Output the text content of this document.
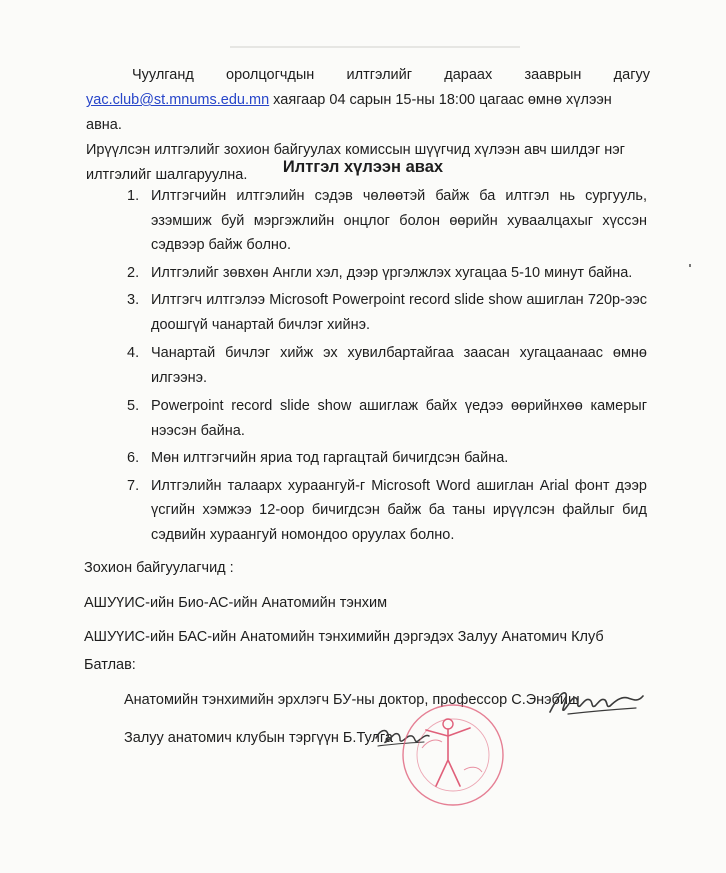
Чуулганд оролцогчдын илтгэлийг дараах зааврын дагуу
yac.club@st.mnums.edu.mn хаягаар 04 сарын 15-ны 18:00 цагаас өмнө хүлээн авна.
Ирүүлсэн илтгэлийг зохион байгуулах комиссын шүүгчид хүлээн авч шилдэг нэг
илтгэлийг шалгаруулна.	Илтгэл хүлээн авах
1. Илтгэгчийн илтгэлийн сэдэв чөлөөтэй байж ба илтгэл нь сургууль, эзэмшиж буй мэргэжлийн онцлог болон өөрийн хуваалцахыг хүссэн сэдвээр байж болно.
2. Илтгэлийг зөвхөн Англи хэл, дээр үргэлжлэх хугацаа 5-10 минут байна.
3. Илтгэгч илтгэлээ Microsoft Powerpoint record slide show ашиглан 720p-ээс доошгүй чанартай бичлэг хийнэ.
4. Чанартай бичлэг хийж эх хувилбартайгаа заасан хугацаанаас өмнө илгээнэ.
5. Powerpoint record slide show ашиглаж байх үедээ өөрийнхөө камерыг нээсэн байна.
6. Мөн илтгэгчийн яриа тод гаргацтай бичигдсэн байна.
7. Илтгэлийн талаарх хураангуй-г Microsoft Word ашиглан Arial фонт дээр үсгийн хэмжээ 12-оор бичигдсэн байж ба таны ирүүлсэн файлыг бид сэдвийн хураангуй номондоо оруулах болно.
Зохион байгуулагчид :
АШУҮИС-ийн Био-АС-ийн Анатомийн тэнхим
АШУҮИС-ийн БАС-ийн Анатомийн тэнхимийн дэргэдэх Залуу Анатомич Клуб
Батлав:
Анатомийн тэнхимийн эрхлэгч БУ-ны доктор, профессор С.Энэбиш
Залуу анатомич клубын тэргүүн Б.Тулга
